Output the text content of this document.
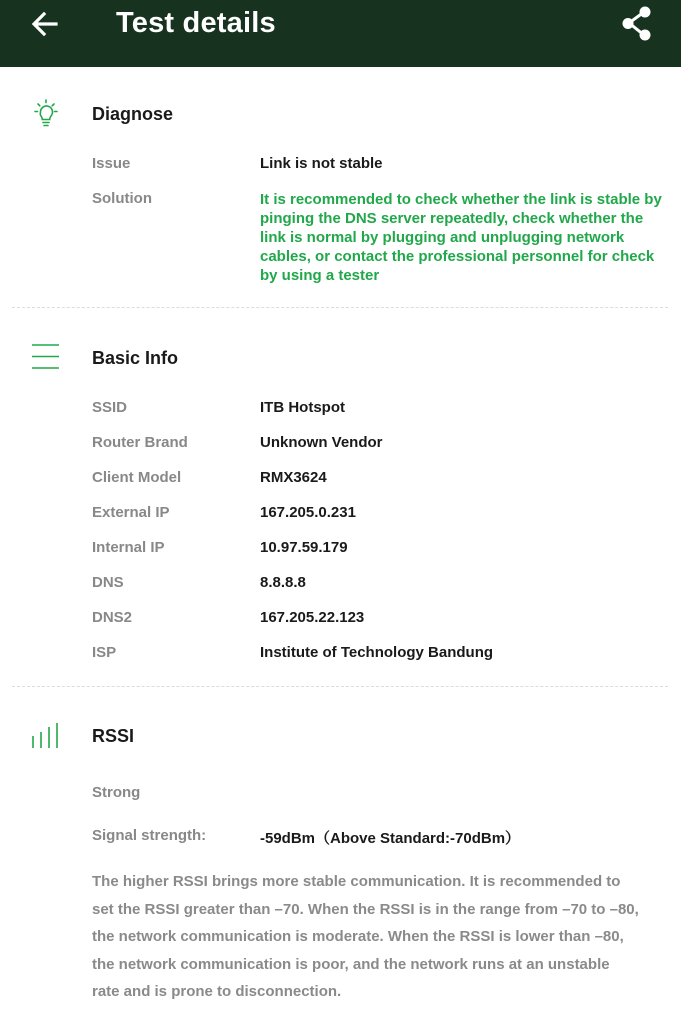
Test details
Diagnose
Issue	Link is not stable
Solution	It is recommended to check whether the link is stable by pinging the DNS server repeatedly, check whether the link is normal by plugging and unplugging network cables, or contact the professional personnel for check by using a tester
Basic Info
SSID	ITB Hotspot
Router Brand	Unknown Vendor
Client Model	RMX3624
External IP	167.205.0.231
Internal IP	10.97.59.179
DNS	8.8.8.8
DNS2	167.205.22.123
ISP	Institute of Technology Bandung
RSSI
Strong
Signal strength:	-59dBm（Above Standard:-70dBm）
The higher RSSI brings more stable communication. It is recommended to set the RSSI greater than –70. When the RSSI is in the range from –70 to –80, the network communication is moderate. When the RSSI is lower than –80, the network communication is poor, and the network runs at an unstable rate and is prone to disconnection.
